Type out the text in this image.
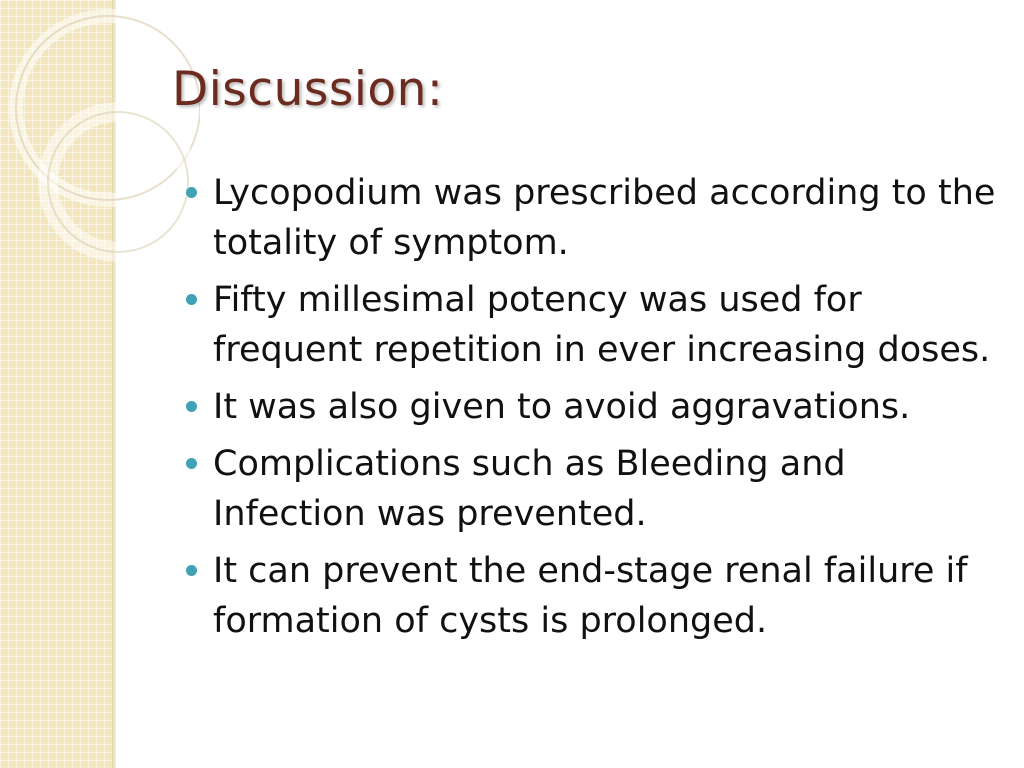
Discussion:
Lycopodium was prescribed according to the totality of symptom.
Fifty millesimal potency was used for frequent repetition in ever increasing doses.
It was also given to avoid aggravations.
Complications such as Bleeding and Infection was prevented.
It can prevent the end-stage renal failure if formation of cysts is prolonged.
